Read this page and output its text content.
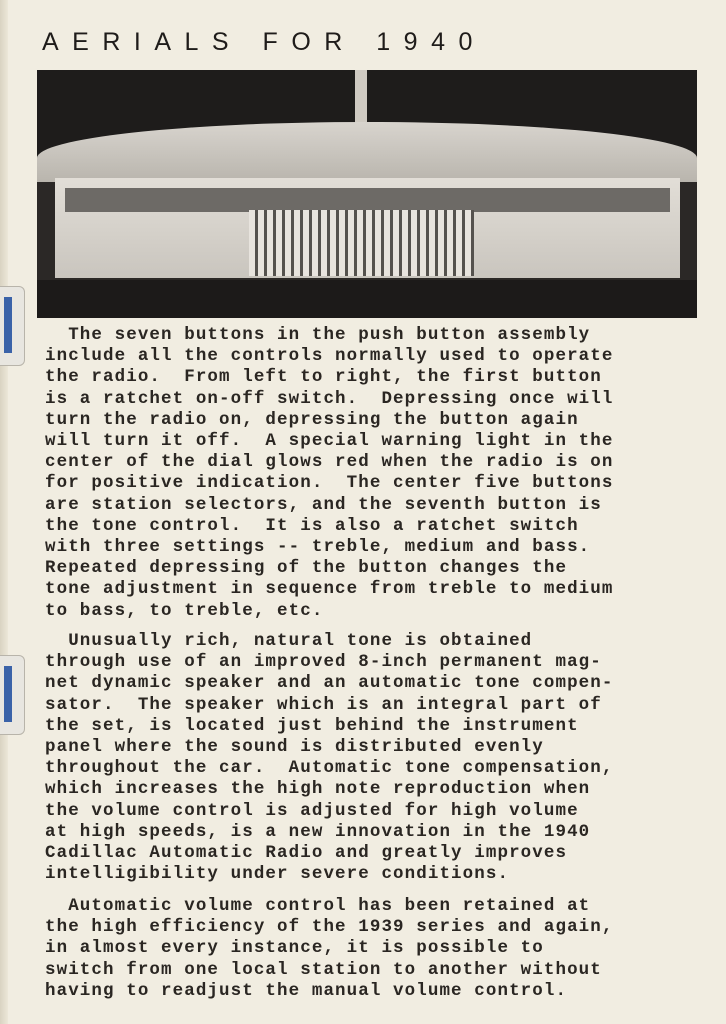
AERIALS FOR 1940
The seven buttons in the push button assembly
include all the controls normally used to operate
the radio.  From left to right, the first button
is a ratchet on-off switch.  Depressing once will
turn the radio on, depressing the button again
will turn it off.  A special warning light in the
center of the dial glows red when the radio is on
for positive indication.  The center five buttons
are station selectors, and the seventh button is
the tone control.  It is also a ratchet switch
with three settings -- treble, medium and bass.
Repeated depressing of the button changes the
tone adjustment in sequence from treble to medium
to bass, to treble, etc.
Unusually rich, natural tone is obtained
through use of an improved 8-inch permanent mag-
net dynamic speaker and an automatic tone compen-
sator.  The speaker which is an integral part of
the set, is located just behind the instrument
panel where the sound is distributed evenly
throughout the car.  Automatic tone compensation,
which increases the high note reproduction when
the volume control is adjusted for high volume
at high speeds, is a new innovation in the 1940
Cadillac Automatic Radio and greatly improves
intelligibility under severe conditions.
Automatic volume control has been retained at
the high efficiency of the 1939 series and again,
in almost every instance, it is possible to
switch from one local station to another without
having to readjust the manual volume control.
